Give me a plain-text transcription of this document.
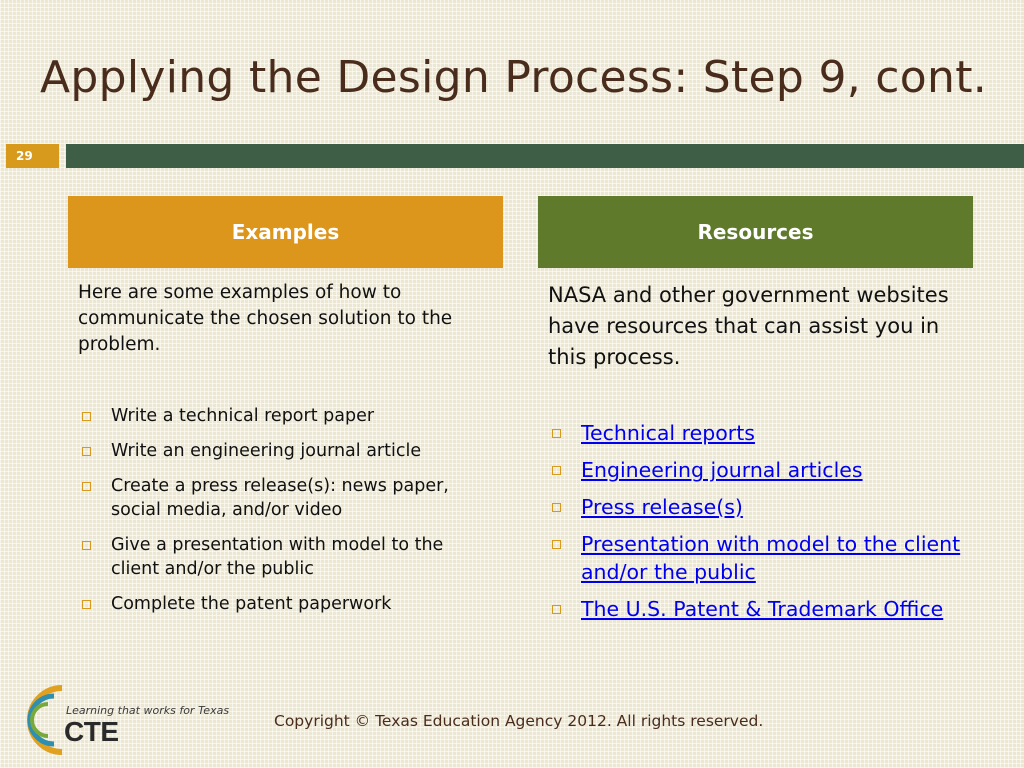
Applying the Design Process: Step 9, cont.
29
Examples	Resources

Here are some examples of how to communicate the chosen solution to the problem.

Write a technical report paper
Write an engineering journal article
Create a press release(s): news paper, social media, and/or video
Give a presentation with model to the client and/or the public
Complete the patent paperwork

NASA and other government websites have resources that can assist you in this process.

Technical reports
Engineering journal articles
Press release(s)
Presentation with model to the client and/or the public
The U.S. Patent & Trademark Office
Learning that works for Texas
CTE	Copyright © Texas Education Agency 2012. All rights reserved.
